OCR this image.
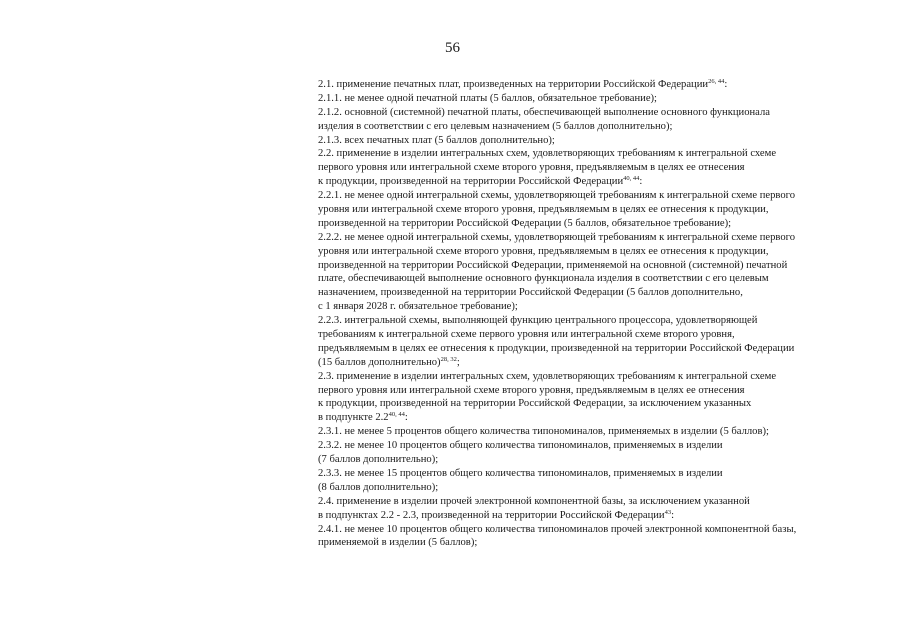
56
2.1. применение печатных плат, произведенных на территории Российской Федерации$^{26, 44}$:
2.1.1. не менее одной печатной платы (5 баллов, обязательное требование);
2.1.2. основной (системной) печатной платы, обеспечивающей выполнение основного функционала
изделия в соответствии с его целевым назначением (5 баллов дополнительно);
2.1.3. всех печатных плат (5 баллов дополнительно);
2.2. применение в изделии интегральных схем, удовлетворяющих требованиям к интегральной схеме
первого уровня или интегральной схеме второго уровня, предъявляемым в целях ее отнесения
к продукции, произведенной на территории Российской Федерации$^{40, 44}$:
2.2.1. не менее одной интегральной схемы, удовлетворяющей требованиям к интегральной схеме первого
уровня или интегральной схеме второго уровня, предъявляемым в целях ее отнесения к продукции,
произведенной на территории Российской Федерации (5 баллов, обязательное требование);
2.2.2. не менее одной интегральной схемы, удовлетворяющей требованиям к интегральной схеме первого
уровня или интегральной схеме второго уровня, предъявляемым в целях ее отнесения к продукции,
произведенной на территории Российской Федерации, применяемой на основной (системной) печатной
плате, обеспечивающей выполнение основного функционала изделия в соответствии с его целевым
назначением, произведенной на территории Российской Федерации (5 баллов дополнительно,
с 1 января 2028 г. обязательное требование);
2.2.3. интегральной схемы, выполняющей функцию центрального процессора, удовлетворяющей
требованиям к интегральной схеме первого уровня или интегральной схеме второго уровня,
предъявляемым в целях ее отнесения к продукции, произведенной на территории Российской Федерации
(15 баллов дополнительно)$^{28, 32}$;
2.3. применение в изделии интегральных схем, удовлетворяющих требованиям к интегральной схеме
первого уровня или интегральной схеме второго уровня, предъявляемым в целях ее отнесения
к продукции, произведенной на территории Российской Федерации, за исключением указанных
в подпункте 2.2$^{40, 44}$:
2.3.1. не менее 5 процентов общего количества типономиналов, применяемых в изделии (5 баллов);
2.3.2. не менее 10 процентов общего количества типономиналов, применяемых в изделии
(7 баллов дополнительно);
2.3.3. не менее 15 процентов общего количества типономиналов, применяемых в изделии
(8 баллов дополнительно);
2.4. применение в изделии прочей электронной компонентной базы, за исключением указанной
в подпунктах 2.2 - 2.3, произведенной на территории Российской Федерации$^{43}$:
2.4.1. не менее 10 процентов общего количества типономиналов прочей электронной компонентной базы,
применяемой в изделии (5 баллов);
